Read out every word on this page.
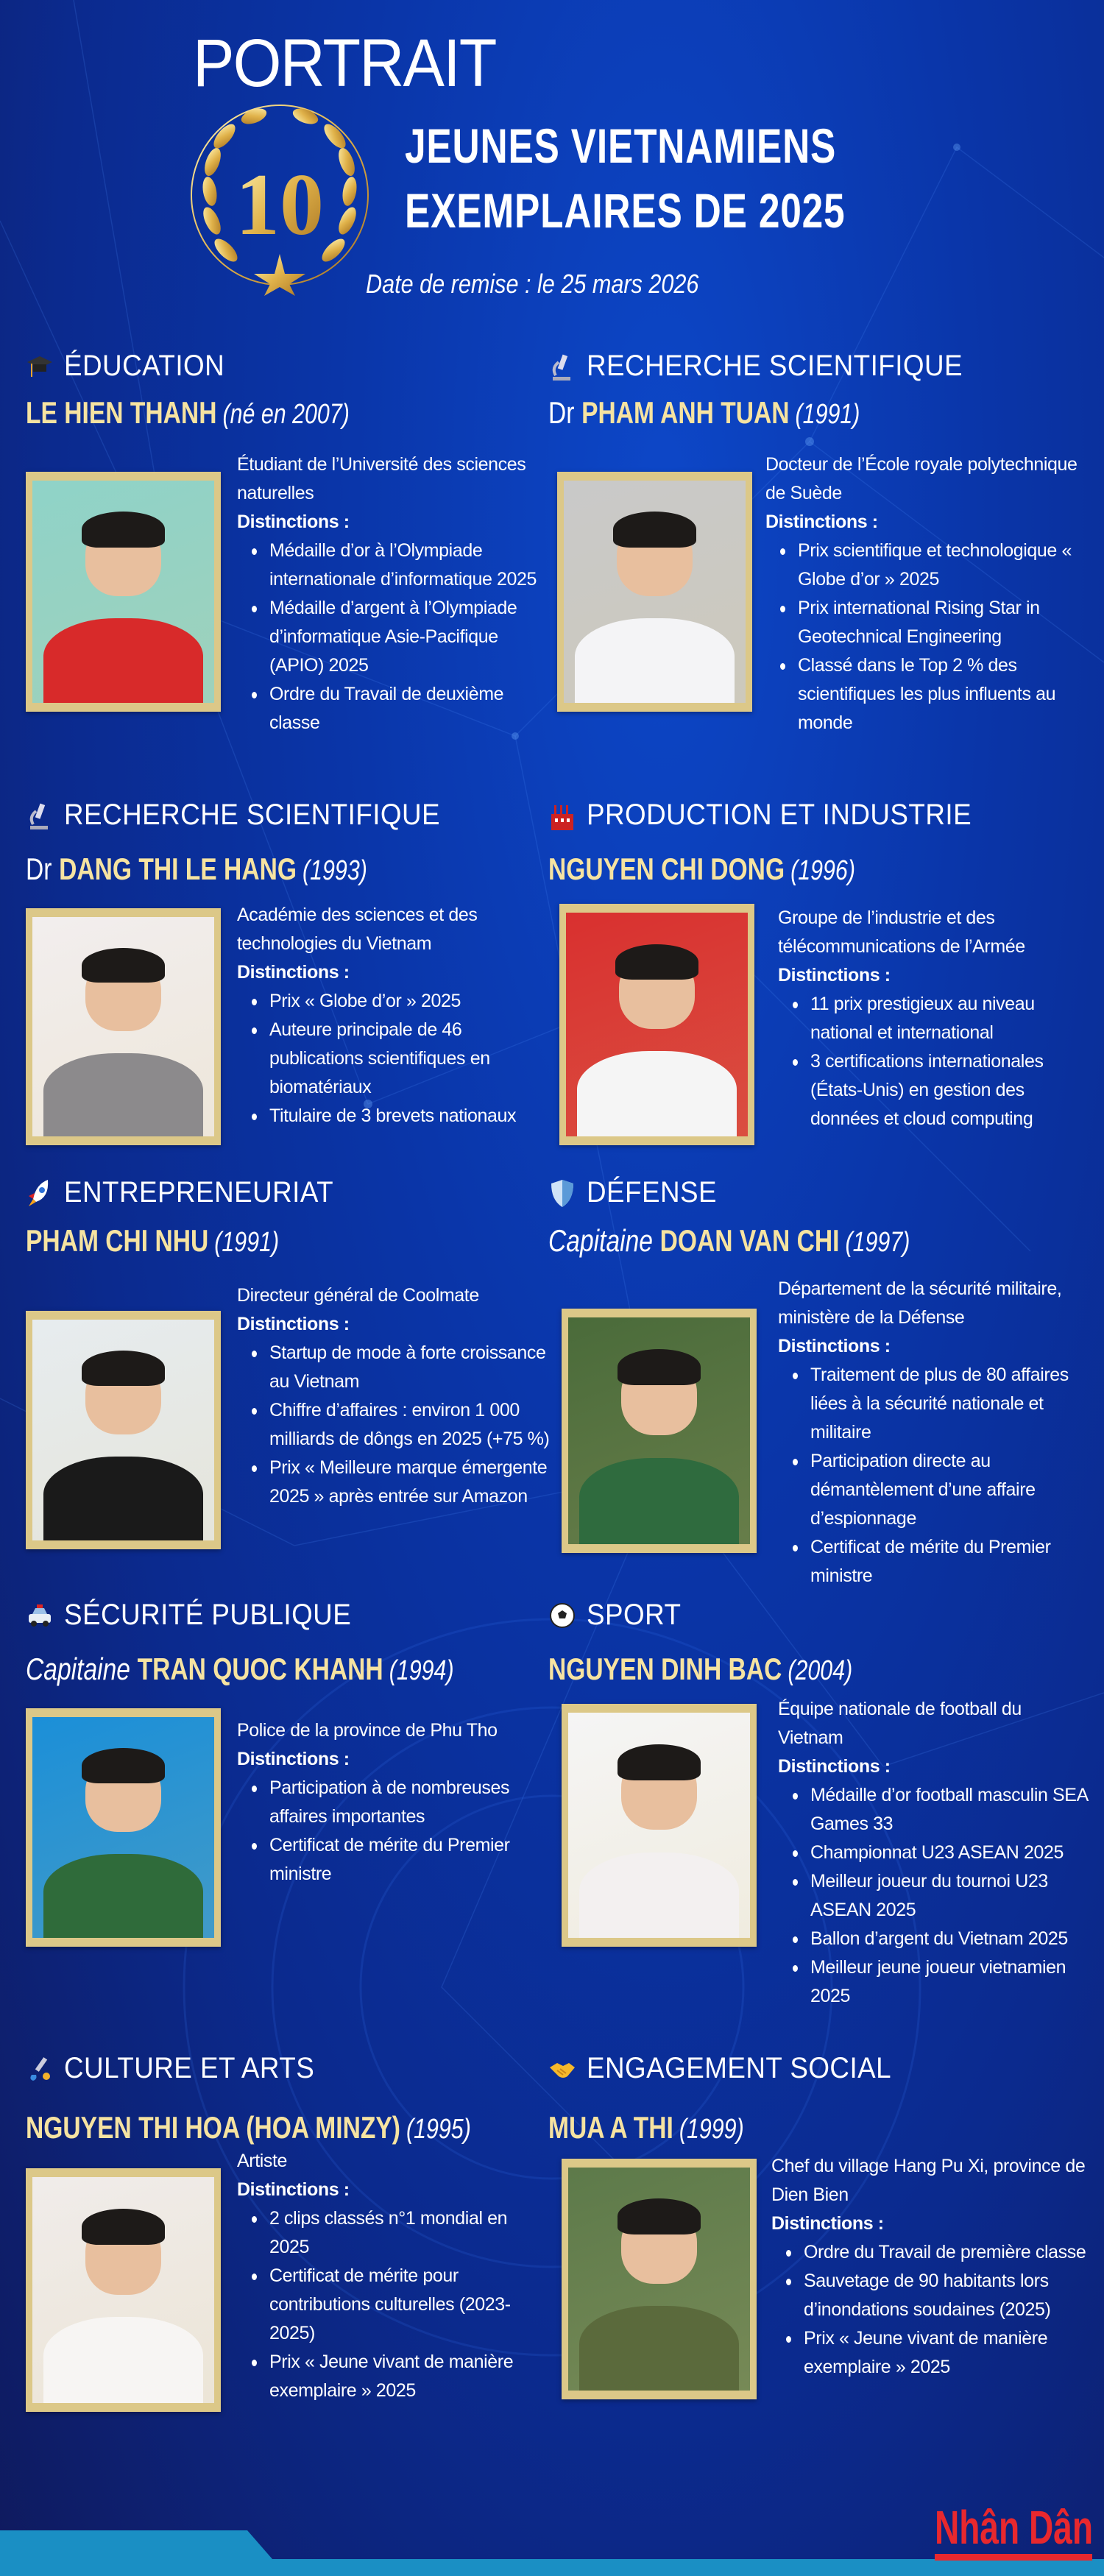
PORTRAIT
10
JEUNES VIETNAMIENS
EXEMPLAIRES DE 2025
Date de remise : le 25 mars 2026
ÉDUCATION
LE HIEN THANH (né en 2007)
Étudiant de l’Université des sciences naturelles
Distinctions :
Médaille d’or à l’Olympiade internationale d’informatique 2025
Médaille d’argent à l’Olympiade d’informatique Asie-Pacifique (APIO) 2025
Ordre du Travail de deuxième classe
RECHERCHE SCIENTIFIQUE
Dr PHAM ANH TUAN (1991)
Docteur de l’École royale polytechnique de Suède
Distinctions :
Prix scientifique et technologique « Globe d’or » 2025
Prix international Rising Star in Geotechnical Engineering
Classé dans le Top 2 % des scientifiques les plus influents au monde
RECHERCHE SCIENTIFIQUE
Dr DANG THI LE HANG (1993)
Académie des sciences et des technologies du Vietnam
Distinctions :
Prix « Globe d’or » 2025
Auteure principale de 46 publications scientifiques en biomatériaux
Titulaire de 3 brevets nationaux
PRODUCTION ET INDUSTRIE
NGUYEN CHI DONG (1996)
Groupe de l’industrie et des télécommunications de l’Armée
Distinctions :
11 prix prestigieux au niveau national et international
3 certifications internationales (États-Unis) en gestion des données et cloud computing
ENTREPRENEURIAT
PHAM CHI NHU (1991)
Directeur général de Coolmate
Distinctions :
Startup de mode à forte croissance au Vietnam
Chiffre d’affaires : environ 1 000 milliards de dôngs en 2025 (+75 %)
Prix « Meilleure marque émergente 2025 » après entrée sur Amazon
DÉFENSE
Capitaine DOAN VAN CHI (1997)
Département de la sécurité militaire, ministère de la Défense
Distinctions :
Traitement de plus de 80 affaires liées à la sécurité nationale et militaire
Participation directe au démantèlement d’une affaire d’espionnage
Certificat de mérite du Premier ministre
SÉCURITÉ PUBLIQUE
Capitaine TRAN QUOC KHANH (1994)
Police de la province de Phu Tho
Distinctions :
Participation à de nombreuses affaires importantes
Certificat de mérite du Premier ministre
SPORT
NGUYEN DINH BAC (2004)
Équipe nationale de football du Vietnam
Distinctions :
Médaille d’or football masculin SEA Games 33
Championnat U23 ASEAN 2025
Meilleur joueur du tournoi U23 ASEAN 2025
Ballon d’argent du Vietnam 2025
Meilleur jeune joueur vietnamien 2025
CULTURE ET ARTS
NGUYEN THI HOA (HOA MINZY) (1995)
Artiste
Distinctions :
2 clips classés n°1 mondial en 2025
Certificat de mérite pour contributions culturelles (2023-2025)
Prix « Jeune vivant de manière exemplaire » 2025
ENGAGEMENT SOCIAL
MUA A THI (1999)
Chef du village Hang Pu Xi, province de Dien Bien
Distinctions :
Ordre du Travail de première classe
Sauvetage de 90 habitants lors d’inondations soudaines (2025)
Prix « Jeune vivant de manière exemplaire » 2025
Nhân Dân
